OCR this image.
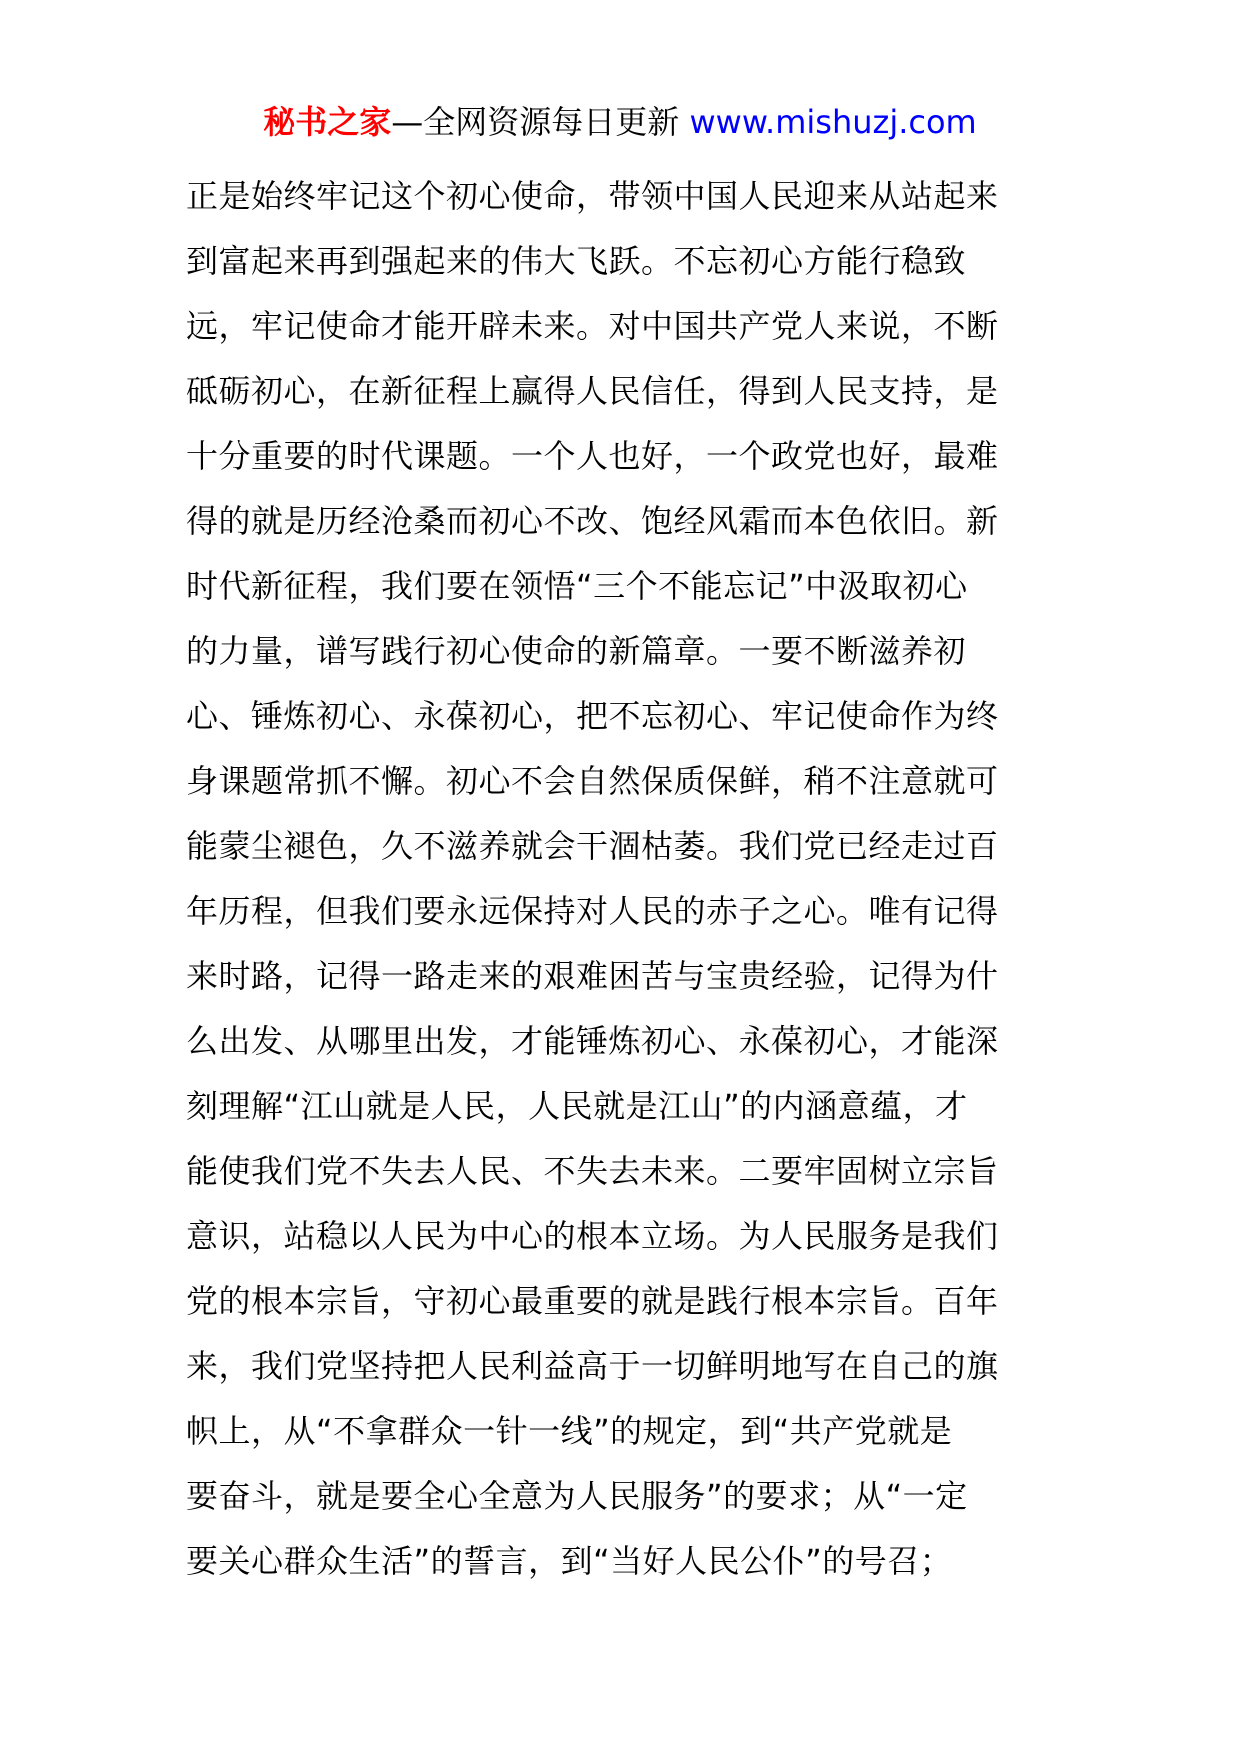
秘书之家—全网资源每日更新 www.mishuzj.com
正是始终牢记这个初心使命，带领中国人民迎来从站起来
到富起来再到强起来的伟大飞跃。不忘初心方能行稳致
远，牢记使命才能开辟未来。对中国共产党人来说，不断
砥砺初心，在新征程上赢得人民信任，得到人民支持，是
十分重要的时代课题。一个人也好，一个政党也好，最难
得的就是历经沧桑而初心不改、饱经风霜而本色依旧。新
时代新征程，我们要在领悟“三个不能忘记”中汲取初心
的力量，谱写践行初心使命的新篇章。一要不断滋养初
心、锤炼初心、永葆初心，把不忘初心、牢记使命作为终
身课题常抓不懈。初心不会自然保质保鲜，稍不注意就可
能蒙尘褪色，久不滋养就会干涸枯萎。我们党已经走过百
年历程，但我们要永远保持对人民的赤子之心。唯有记得
来时路，记得一路走来的艰难困苦与宝贵经验，记得为什
么出发、从哪里出发，才能锤炼初心、永葆初心，才能深
刻理解“江山就是人民，人民就是江山”的内涵意蕴，才
能使我们党不失去人民、不失去未来。二要牢固树立宗旨
意识，站稳以人民为中心的根本立场。为人民服务是我们
党的根本宗旨，守初心最重要的就是践行根本宗旨。百年
来，我们党坚持把人民利益高于一切鲜明地写在自己的旗
帜上，从“不拿群众一针一线”的规定，到“共产党就是
要奋斗，就是要全心全意为人民服务”的要求；从“一定
要关心群众生活”的誓言，到“当好人民公仆”的号召；
